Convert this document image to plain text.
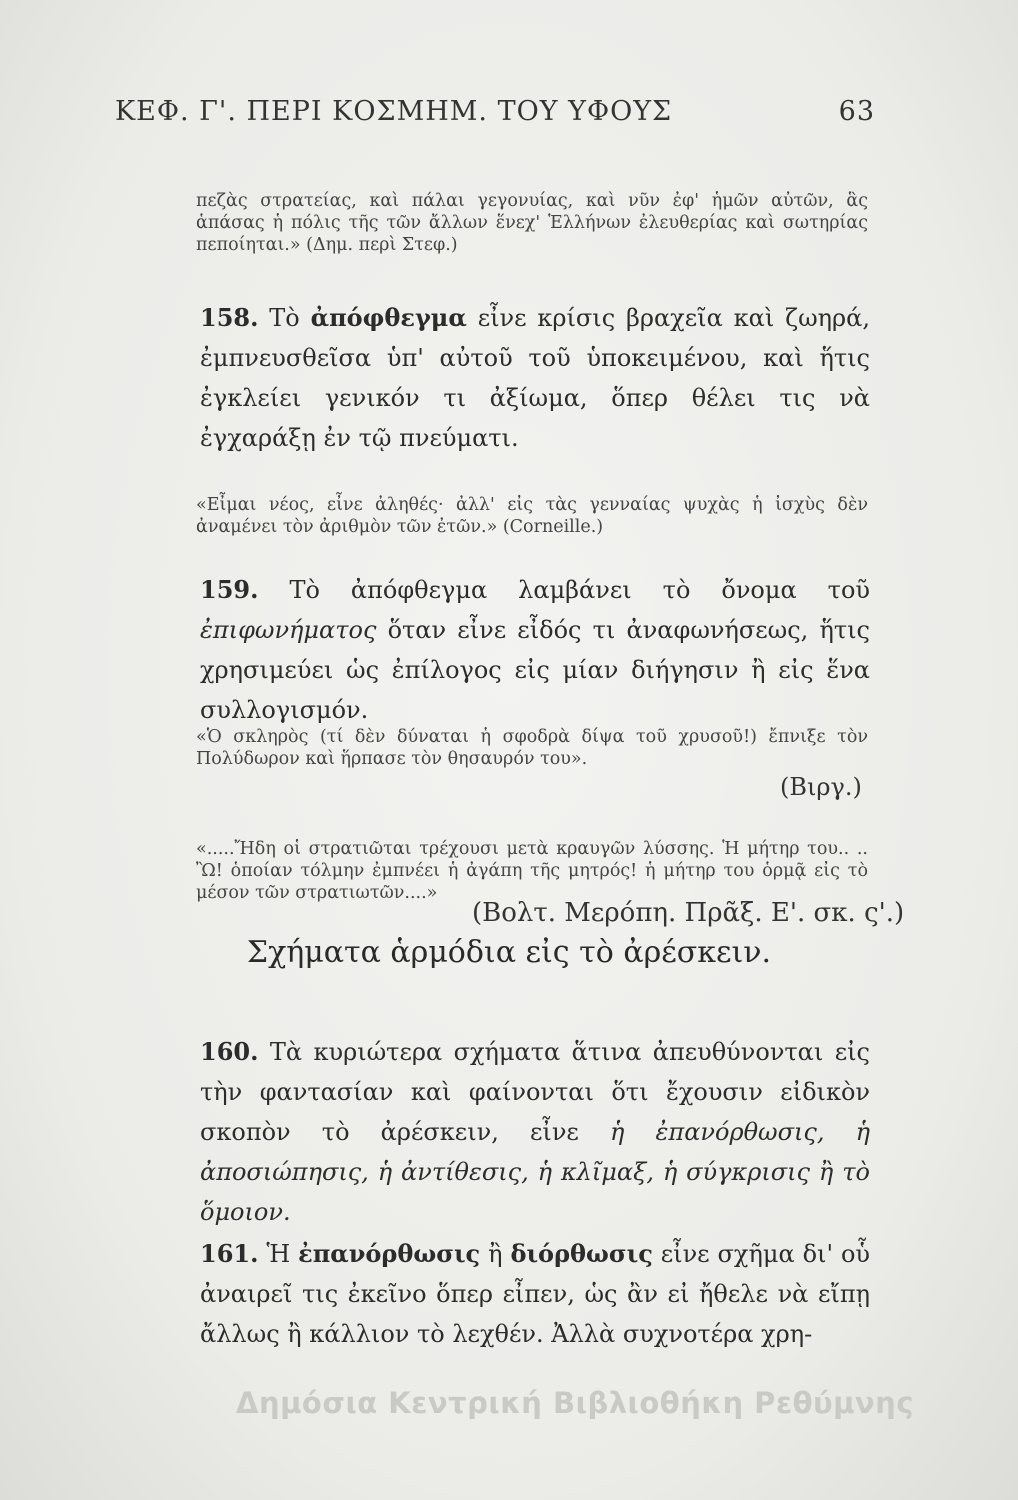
ΚΕΦ. Γ'. ΠΕΡΙ ΚΟΣΜΗΜ. ΤΟΥ ΥΦΟΥΣ	63

πεζὰς στρατείας, καὶ πάλαι γεγονυίας, καὶ νῦν ἐφ' ἡμῶν αὐτῶν, ἃς ἁπάσας ἡ πόλις τῆς τῶν ἄλλων ἕνεχ' Ἑλλήνων ἐλευθερίας καὶ σωτηρίας πεποίηται.» (Δημ. περὶ Στεφ.)

158. Τὸ ἀπόφθεγμα εἶνε κρίσις βραχεῖα καὶ ζωηρά, ἐμπνευσθεῖσα ὑπ' αὐτοῦ τοῦ ὑποκειμένου, καὶ ἥτις ἐγκλείει γενικόν τι ἀξίωμα, ὅπερ θέλει τις νὰ ἐγχαράξῃ ἐν τῷ πνεύματι.

«Εἶμαι νέος, εἶνε ἀληθές· ἀλλ' εἰς τὰς γενναίας ψυχὰς ἡ ἰσχὺς δὲν ἀναμένει τὸν ἀριθμὸν τῶν ἐτῶν.» (Corneille.)

159. Τὸ ἀπόφθεγμα λαμβάνει τὸ ὄνομα τοῦ ἐπιφωνήματος ὅταν εἶνε εἶδός τι ἀναφωνήσεως, ἥτις χρησιμεύει ὡς ἐπίλογος εἰς μίαν διήγησιν ἢ εἰς ἕνα συλλογισμόν.

«Ὁ σκληρὸς (τί δὲν δύναται ἡ σφοδρὰ δίψα τοῦ χρυσοῦ!) ἔπνιξε τὸν Πολύδωρον καὶ ἥρπασε τὸν θησαυρόν του».

(Βιργ.)

«.....Ἤδη οἱ στρατιῶται τρέχουσι μετὰ κραυγῶν λύσσης. Ἡ μήτηρ του.. .. Ὢ! ὁποίαν τόλμην ἐμπνέει ἡ ἀγάπη τῆς μητρός! ἡ μήτηρ του ὁρμᾷ εἰς τὸ μέσον τῶν στρατιωτῶν....»

(Βολτ. Μερόπη. Πρᾶξ. Ε'. σκ. ς'.)
Σχήματα ἁρμόδια εἰς τὸ ἀρέσκειν.
160. Τὰ κυριώτερα σχήματα ἅτινα ἀπευθύνονται εἰς τὴν φαντασίαν καὶ φαίνονται ὅτι ἔχουσιν εἰδικὸν σκοπὸν τὸ ἀρέσκειν, εἶνε ἡ ἐπανόρθωσις, ἡ ἀποσιώπησις, ἡ ἀντίθεσις, ἡ κλῖμαξ, ἡ σύγκρισις ἢ τὸ ὅμοιον.
161. Ἡ ἐπανόρθωσις ἢ διόρθωσις εἶνε σχῆμα δι' οὗ ἀναιρεῖ τις ἐκεῖνο ὅπερ εἶπεν, ὡς ἂν εἰ ἤθελε νὰ εἴπῃ ἄλλως ἢ κάλλιον τὸ λεχθέν. Ἀλλὰ συχνοτέρα χρη-
Δημόσια Κεντρική Βιβλιοθήκη Ρεθύμνης
